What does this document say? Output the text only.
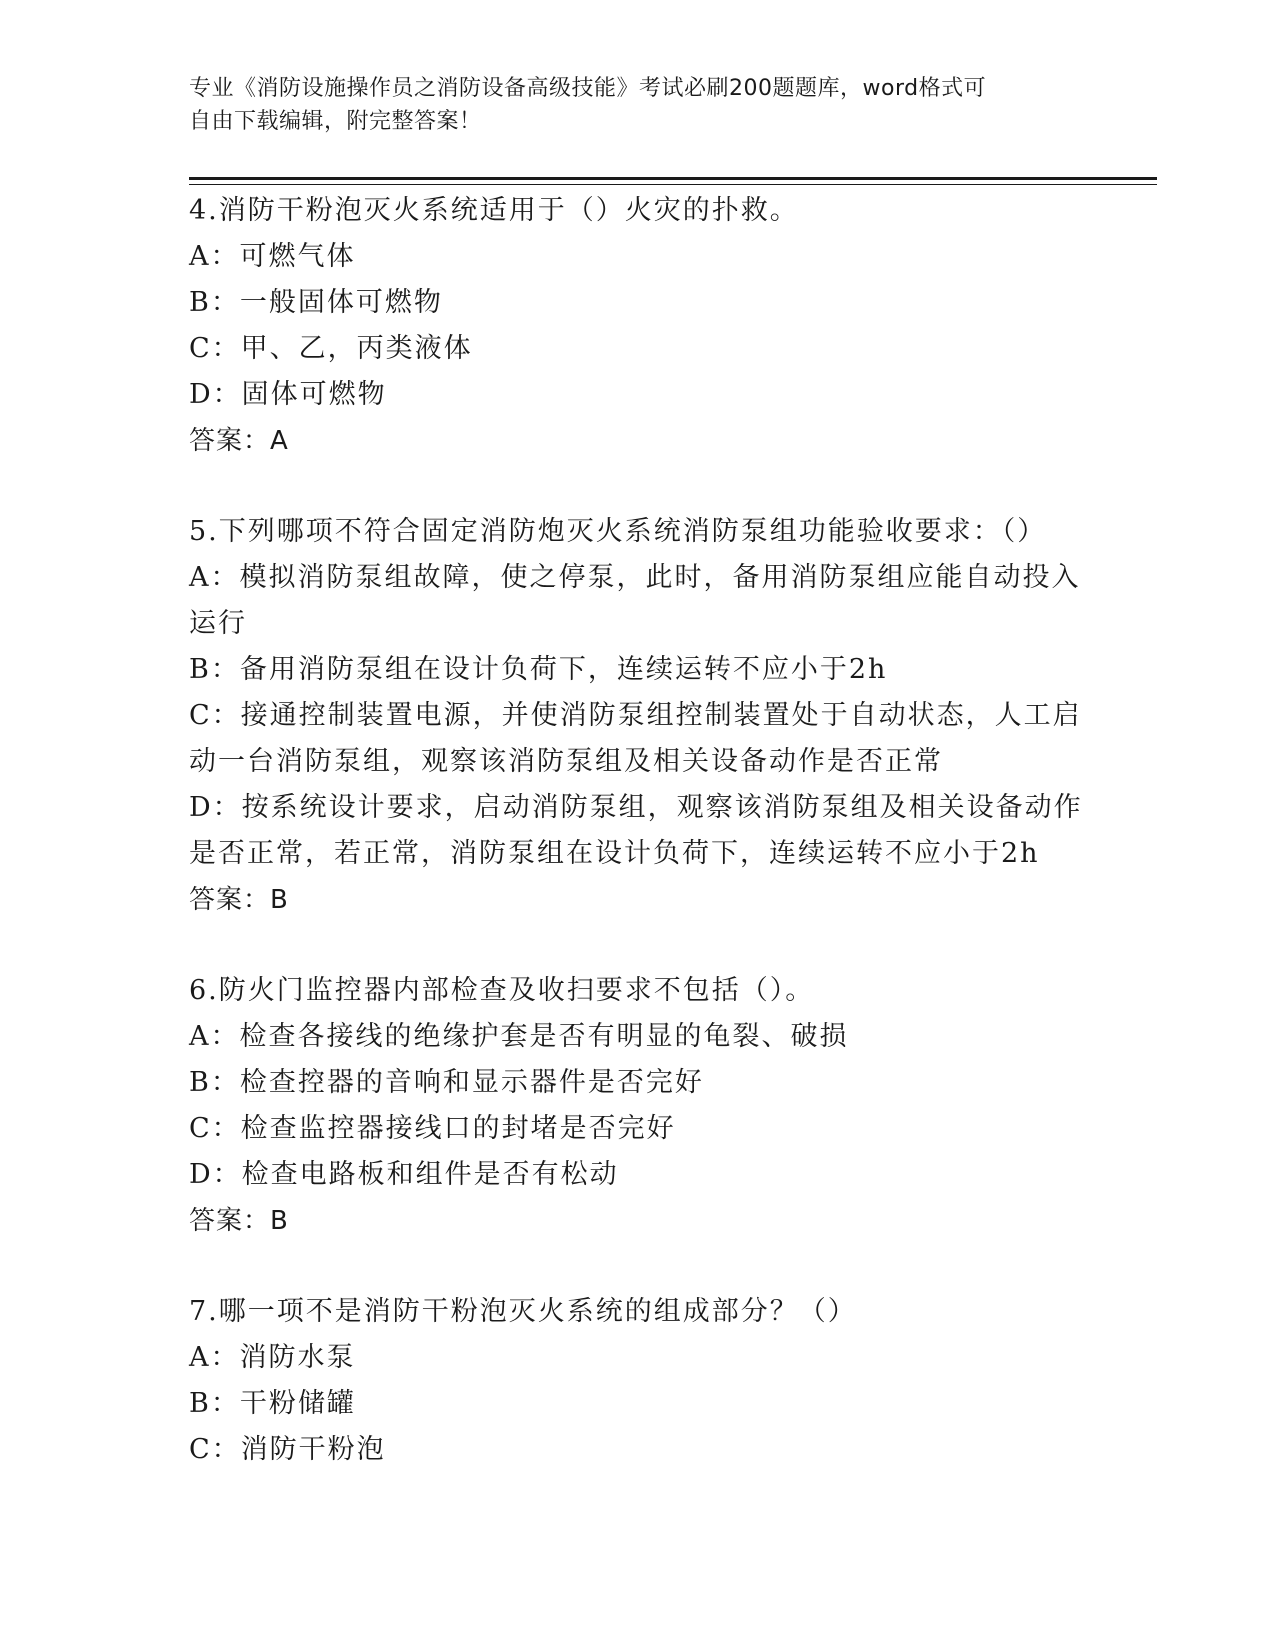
专业《消防设施操作员之消防设备高级技能》考试必刷200题题库，word格式可
自由下载编辑，附完整答案！
4.消防干粉泡灭火系统适用于（）火灾的扑救。
A：可燃气体
B：一般固体可燃物
C：甲、乙，丙类液体
D：固体可燃物
答案：A
5.下列哪项不符合固定消防炮灭火系统消防泵组功能验收要求：（）
A：模拟消防泵组故障，使之停泵，此时，备用消防泵组应能自动投入
运行
B：备用消防泵组在设计负荷下，连续运转不应小于2h
C：接通控制装置电源，并使消防泵组控制装置处于自动状态，人工启
动一台消防泵组，观察该消防泵组及相关设备动作是否正常
D：按系统设计要求，启动消防泵组，观察该消防泵组及相关设备动作
是否正常，若正常，消防泵组在设计负荷下，连续运转不应小于2h
答案：B
6.防火门监控器内部检查及收扫要求不包括（）。
A：检查各接线的绝缘护套是否有明显的龟裂、破损
B：检查控器的音响和显示器件是否完好
C：检查监控器接线口的封堵是否完好
D：检查电路板和组件是否有松动
答案：B
7.哪一项不是消防干粉泡灭火系统的组成部分？（）
A：消防水泵
B：干粉储罐
C：消防干粉泡
